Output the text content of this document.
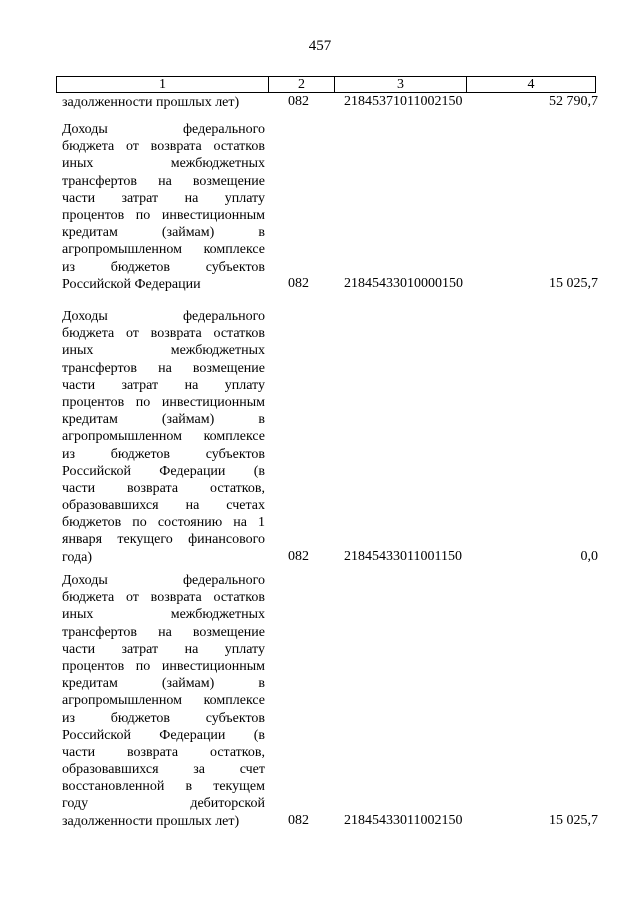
457
1	2	3	4
задолженности прошлых лет)	082	21845371011002150	52 790,7
Доходы федерального
бюджета от возврата остатков
иных межбюджетных
трансфертов на возмещение
части затрат на уплату
процентов по инвестиционным
кредитам (займам) в
агропромышленном комплексе
из бюджетов субъектов
Российской Федерации	082	21845433010000150	15 025,7
Доходы федерального
бюджета от возврата остатков
иных межбюджетных
трансфертов на возмещение
части затрат на уплату
процентов по инвестиционным
кредитам (займам) в
агропромышленном комплексе
из бюджетов субъектов
Российской Федерации (в
части возврата остатков,
образовавшихся на счетах
бюджетов по состоянию на 1
января текущего финансового
года)	082	21845433011001150	0,0
Доходы федерального
бюджета от возврата остатков
иных межбюджетных
трансфертов на возмещение
части затрат на уплату
процентов по инвестиционным
кредитам (займам) в
агропромышленном комплексе
из бюджетов субъектов
Российской Федерации (в
части возврата остатков,
образовавшихся за счет
восстановленной в текущем
году дебиторской
задолженности прошлых лет)	082	21845433011002150	15 025,7
